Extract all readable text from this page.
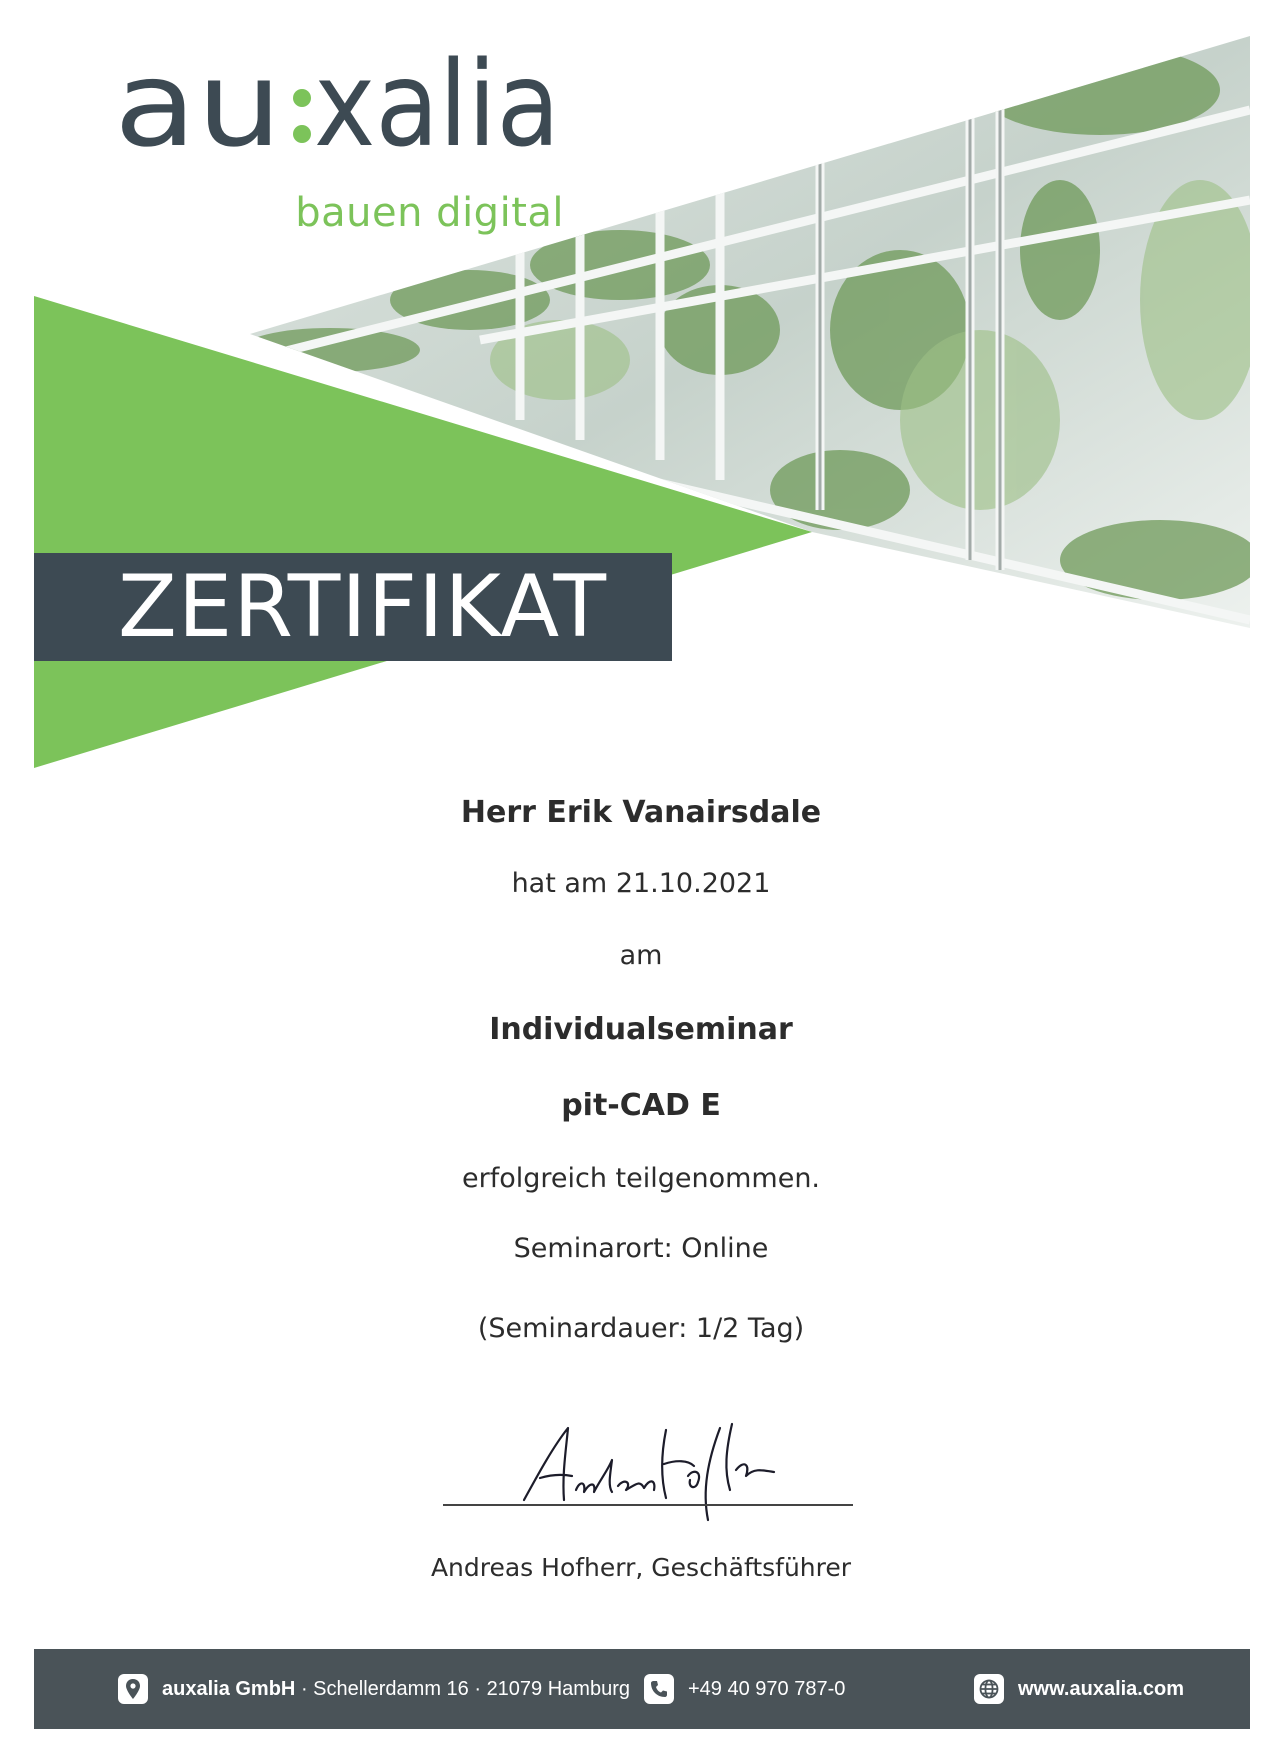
au xalia
bauen digital
ZERTIFIKAT
Herr Erik Vanairsdale
hat am 21.10.2021
am
Individualseminar
pit-CAD E
erfolgreich teilgenommen.
Seminarort: Online
(Seminardauer: 1/2 Tag)
Andreas Hofherr, Geschäftsführer
auxalia GmbH · Schellerdamm 16 · 21079 Hamburg	+49 40 970 787-0	www.auxalia.com
